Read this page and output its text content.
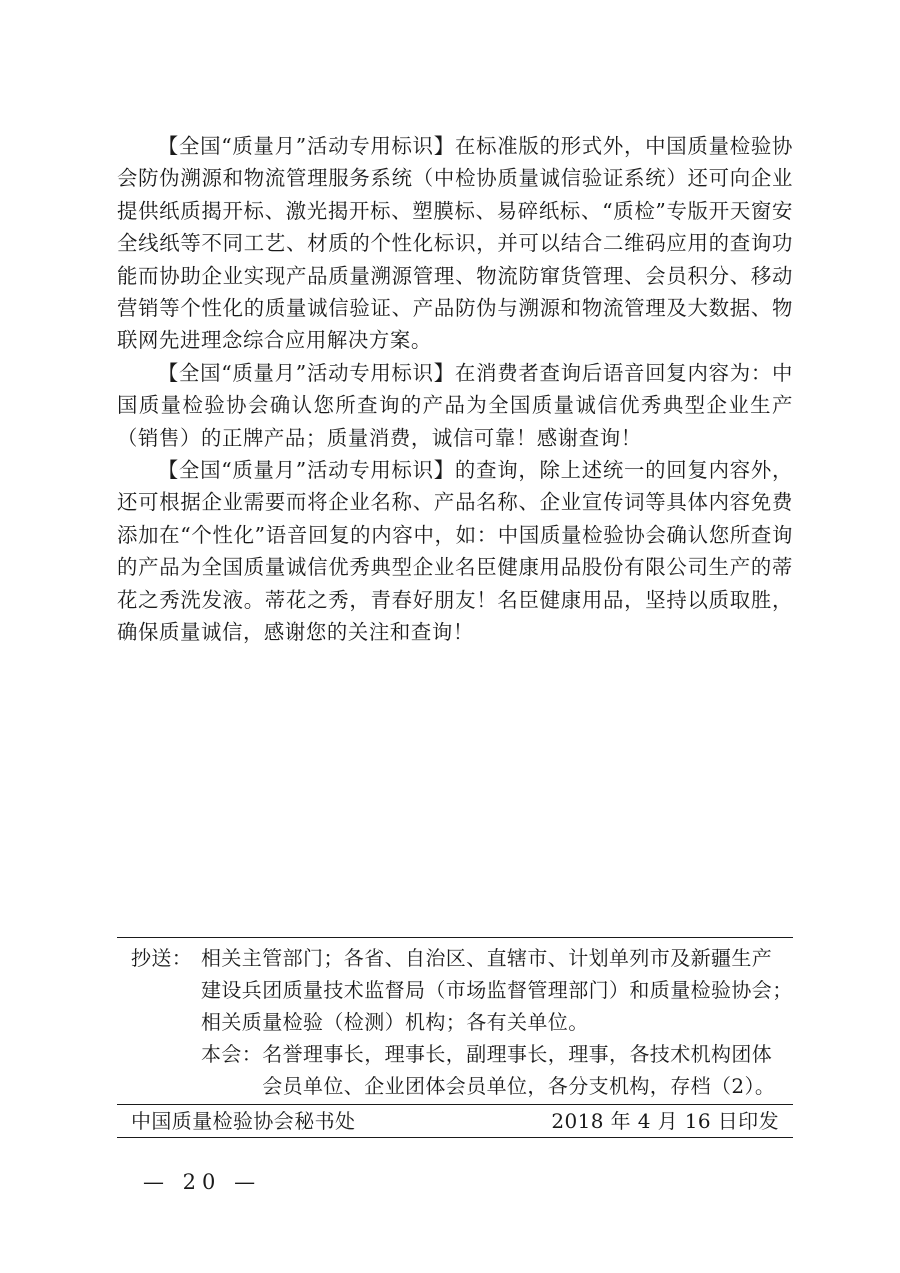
【全国“质量月”活动专用标识】在标准版的形式外，中国质量检验协会防伪溯源和物流管理服务系统（中检协质量诚信验证系统）还可向企业提供纸质揭开标、激光揭开标、塑膜标、易碎纸标、“质检”专版开天窗安全线纸等不同工艺、材质的个性化标识，并可以结合二维码应用的查询功能而协助企业实现产品质量溯源管理、物流防窜货管理、会员积分、移动营销等个性化的质量诚信验证、产品防伪与溯源和物流管理及大数据、物联网先进理念综合应用解决方案。

【全国“质量月”活动专用标识】在消费者查询后语音回复内容为：中国质量检验协会确认您所查询的产品为全国质量诚信优秀典型企业生产（销售）的正牌产品；质量消费，诚信可靠！感谢查询！

【全国“质量月”活动专用标识】的查询，除上述统一的回复内容外，还可根据企业需要而将企业名称、产品名称、企业宣传词等具体内容免费添加在“个性化”语音回复的内容中，如：中国质量检验协会确认您所查询的产品为全国质量诚信优秀典型企业名臣健康用品股份有限公司生产的蒂花之秀洗发液。蒂花之秀，青春好朋友！名臣健康用品，坚持以质取胜，确保质量诚信，感谢您的关注和查询！

抄送： 相关主管部门；各省、自治区、直辖市、计划单列市及新疆生产
建设兵团质量技术监督局（市场监督管理部门）和质量检验协会；
相关质量检验（检测）机构；各有关单位。
本会： 名誉理事长，理事长，副理事长，理事，各技术机构团体
会员单位、企业团体会员单位，各分支机构，存档（2）。
中国质量检验协会秘书处	2018 年 4 月 16 日印发
— 20 —
